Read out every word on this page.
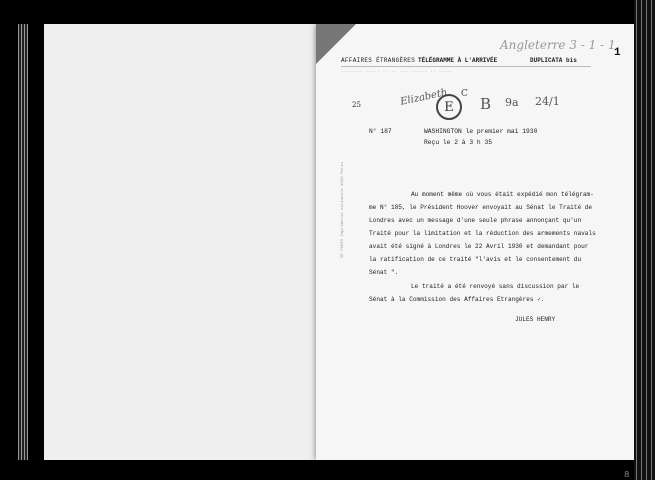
DE PARIS Imprimerie nationale 1930 Paris
AFFAIRES ÉTRANGÈRES
-------- ----- -- -- --- ------ -- -----
TÉLÉGRAMME À L'ARRIVÉE	DUPLICATA bis
1
Angleterre 3 - 1 - 1
Elizabeth
25	E
C
B 9a 24/1
N° 187	WASHINGTON le premier mai 1930
Reçu le 2 à 3 h 35
Au moment même où vous était expédié mon télégram-
me N° 185, le Président Hoover envoyait au Sénat le Traité de
Londres avec un message d'une seule phrase annonçant qu'un
Traité pour la limitation et la réduction des armements navals
avait été signé à Londres le 22 Avril 1930 et demandant pour
la ratification de ce traité "l'avis et le consentement du
Sénat ".
Le traité a été renvoyé sans discussion par le
Sénat à la Commission des Affaires Etrangères ✓.
JULES HENRY
8
